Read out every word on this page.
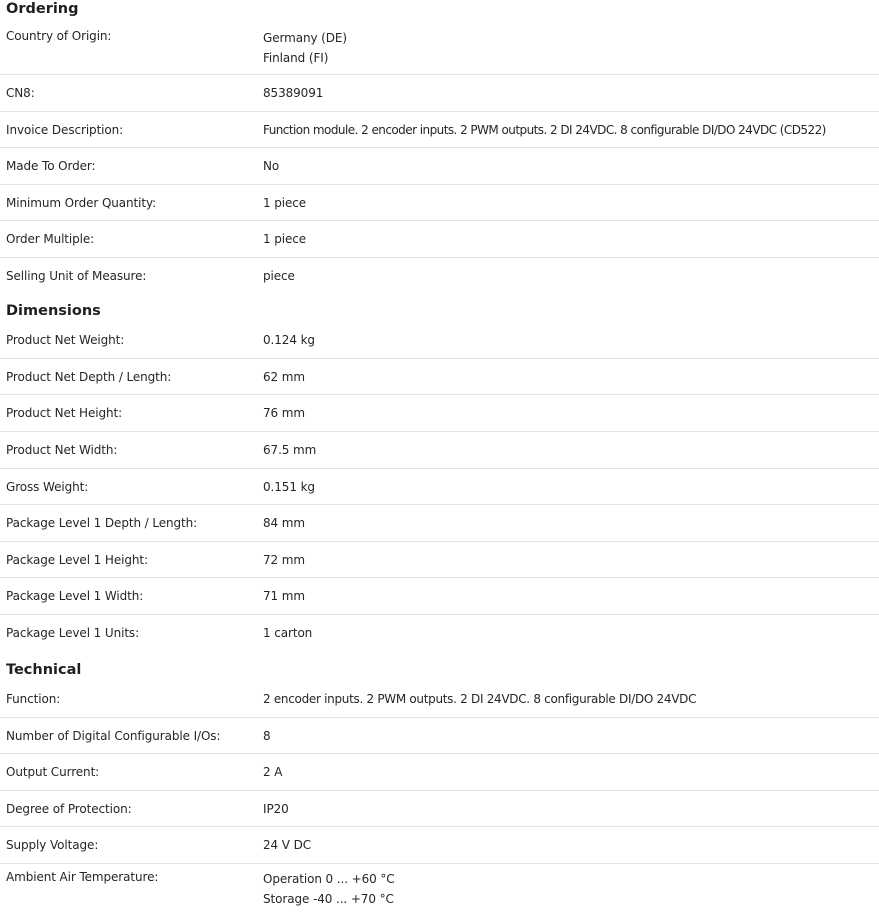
Ordering
Country of Origin:	Germany (DE)
Finland (FI)
CN8:	85389091
Invoice Description:	Function module. 2 encoder inputs. 2 PWM outputs. 2 DI 24VDC. 8 configurable DI/DO 24VDC (CD522)
Made To Order:	No
Minimum Order Quantity:	1 piece
Order Multiple:	1 piece
Selling Unit of Measure:	piece
Dimensions
Product Net Weight:	0.124 kg
Product Net Depth / Length:	62 mm
Product Net Height:	76 mm
Product Net Width:	67.5 mm
Gross Weight:	0.151 kg
Package Level 1 Depth / Length:	84 mm
Package Level 1 Height:	72 mm
Package Level 1 Width:	71 mm
Package Level 1 Units:	1 carton
Technical
Function:	2 encoder inputs. 2 PWM outputs. 2 DI 24VDC. 8 configurable DI/DO 24VDC
Number of Digital Configurable I/Os:	8
Output Current:	2 A
Degree of Protection:	IP20
Supply Voltage:	24 V DC
Ambient Air Temperature:	Operation 0 ... +60 °C
Storage -40 ... +70 °C
